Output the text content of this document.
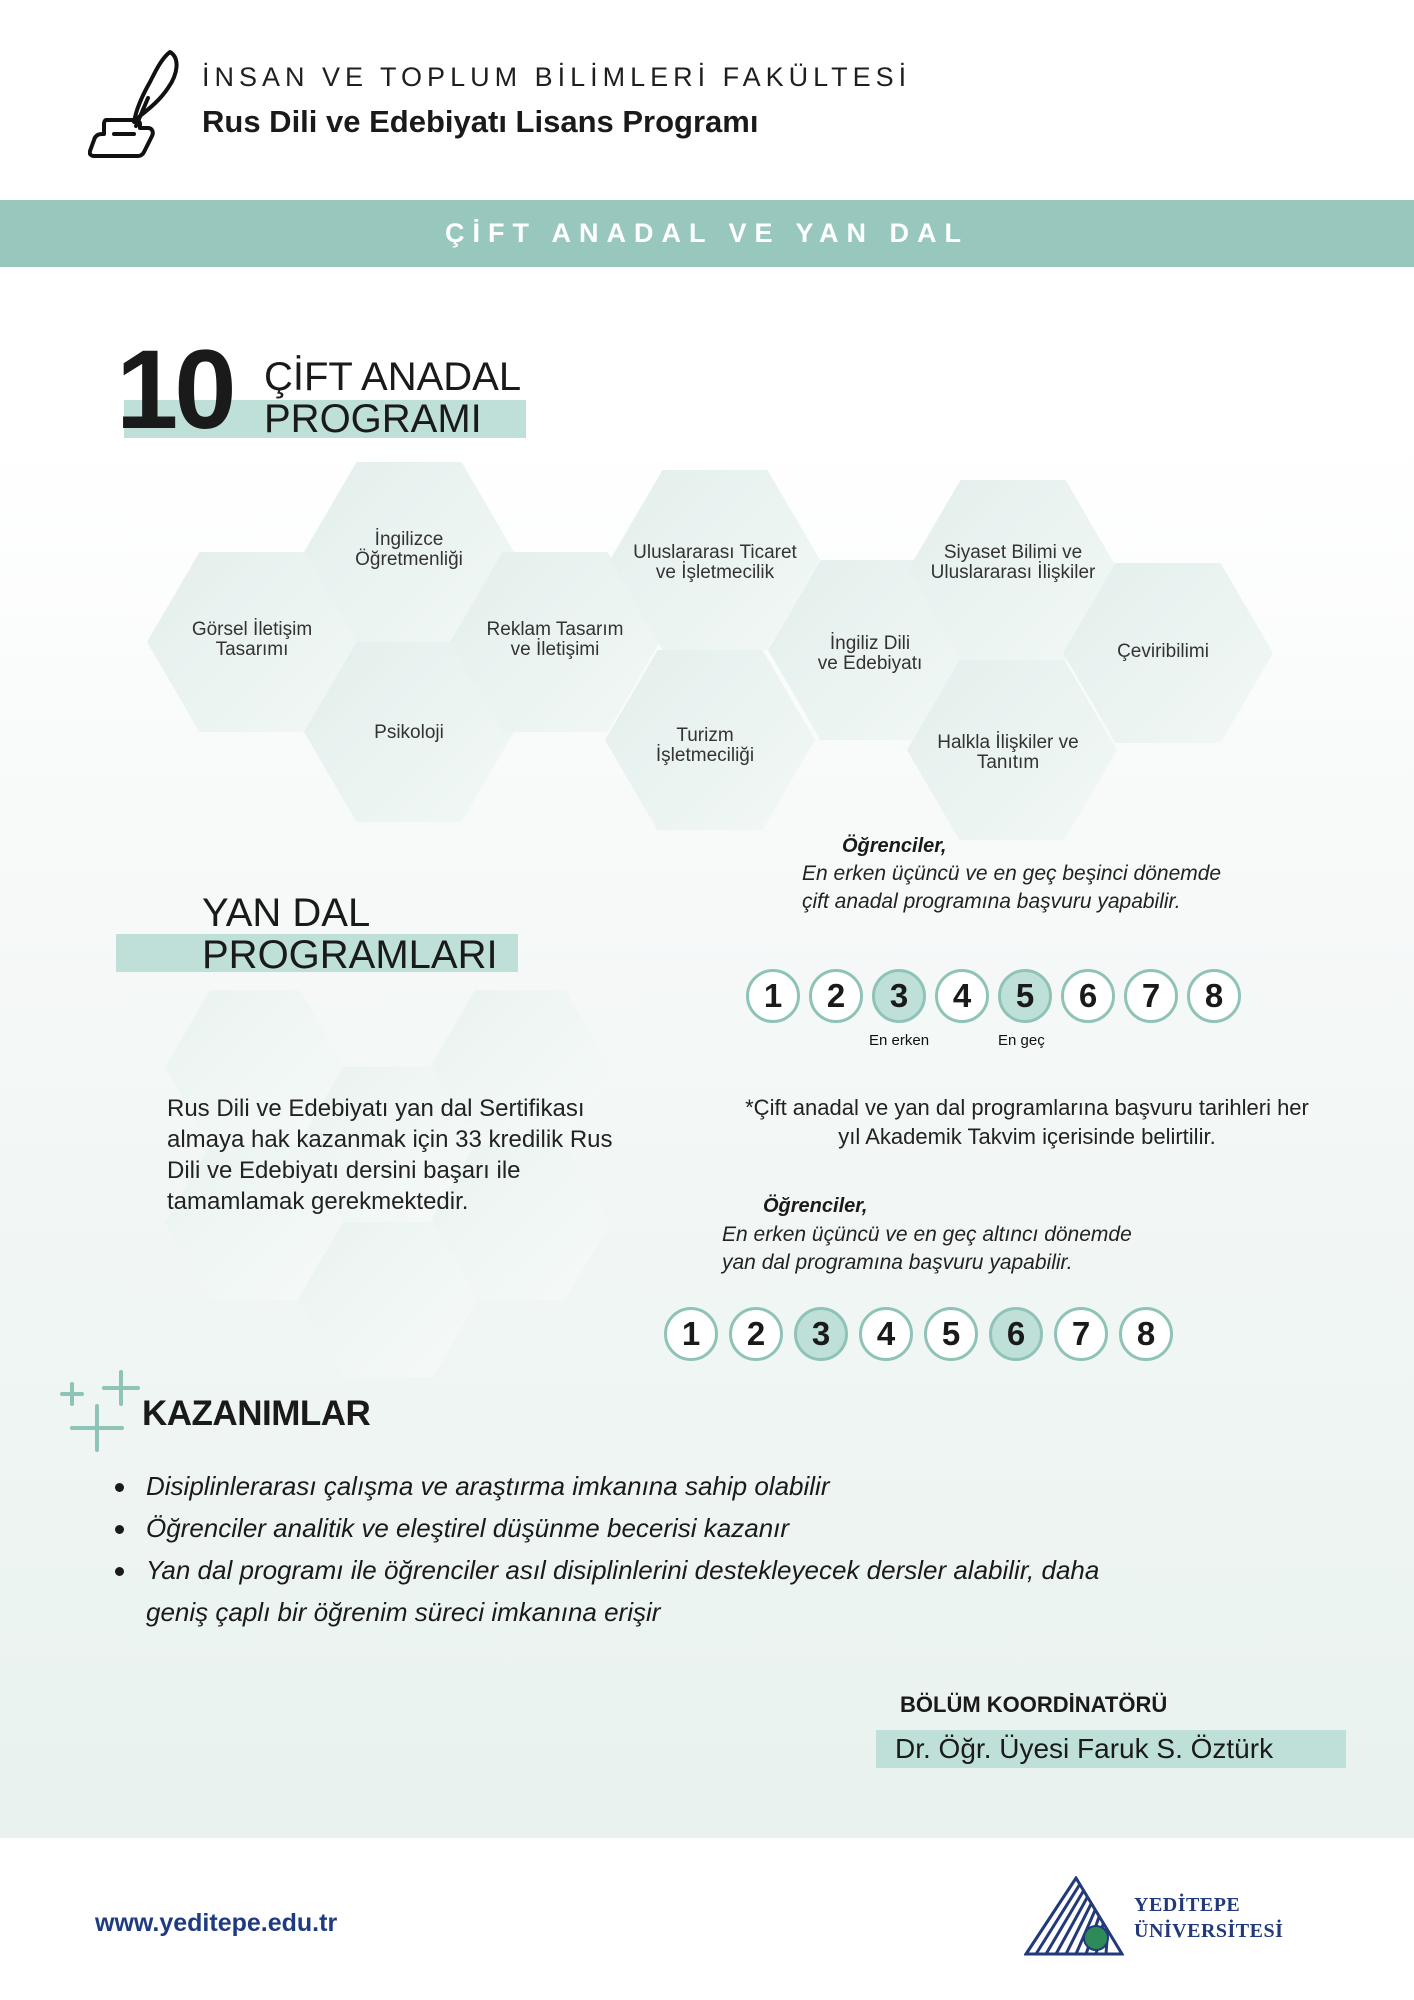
İNSAN VE TOPLUM BİLİMLERİ FAKÜLTESİ
Rus Dili ve Edebiyatı Lisans Programı
ÇİFT ANADAL VE YAN DAL
10 ÇİFT ANADAL
PROGRAMI
Görsel İletişim
Tasarımı
İngilizce
Öğretmenliği
Psikoloji
Reklam Tasarım
ve İletişimi
Uluslararası Ticaret
ve İşletmecilik
Turizm
İşletmeciliği
İngiliz Dili
ve Edebiyatı
Siyaset Bilimi ve
Uluslararası İlişkiler
Halkla İlişkiler ve
Tanıtım
Çeviribilimi
Öğrenciler,
En erken üçüncü ve en geç beşinci dönemde
çift anadal programına başvuru yapabilir.
1	2	3	4	5	6	7	8
En erken	En geç
YAN DAL
PROGRAMLARI
Rus Dili ve Edebiyatı yan dal Sertifikası
almaya hak kazanmak için 33 kredilik Rus
Dili ve Edebiyatı dersini başarı ile
tamamlamak gerekmektedir.
*Çift anadal ve yan dal programlarına başvuru tarihleri her
yıl Akademik Takvim içerisinde belirtilir.
Öğrenciler,
En erken üçüncü ve en geç altıncı dönemde
yan dal programına başvuru yapabilir.
1	2	3	4	5	6	7	8
KAZANIMLAR
Disiplinlerarası çalışma ve araştırma imkanına sahip olabilir
Öğrenciler analitik ve eleştirel düşünme becerisi kazanır
Yan dal programı ile öğrenciler asıl disiplinlerini destekleyecek dersler alabilir, daha
geniş çaplı bir öğrenim süreci imkanına erişir
BÖLÜM KOORDİNATÖRÜ
Dr. Öğr. Üyesi Faruk S. Öztürk
www.yeditepe.edu.tr
YEDİTEPE
ÜNİVERSİTESİ
